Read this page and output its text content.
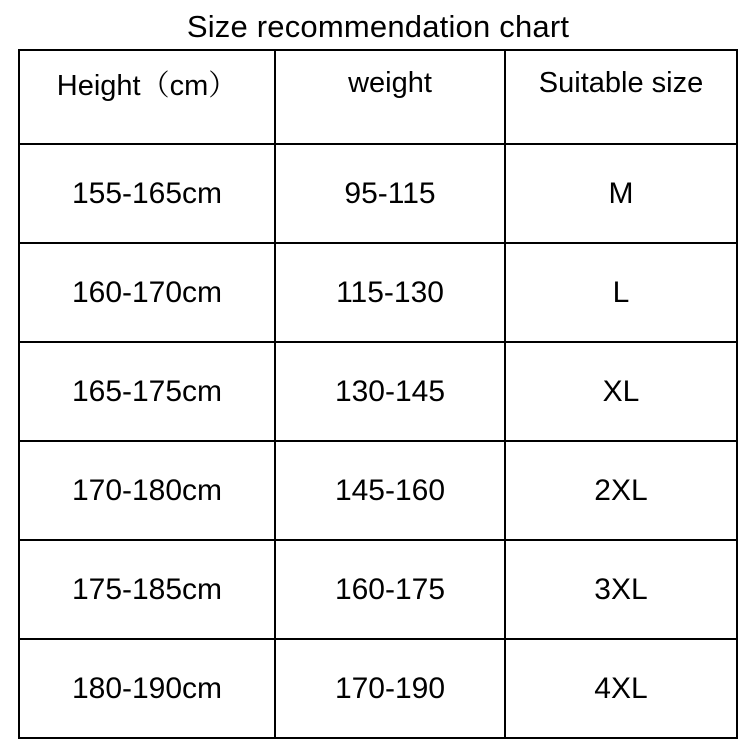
Size recommendation chart
Height（cm）	weight	Suitable size

155-165cm	95-115	M
160-170cm	115-130	L
165-175cm	130-145	XL
170-180cm	145-160	2XL
175-185cm	160-175	3XL
180-190cm	170-190	4XL
